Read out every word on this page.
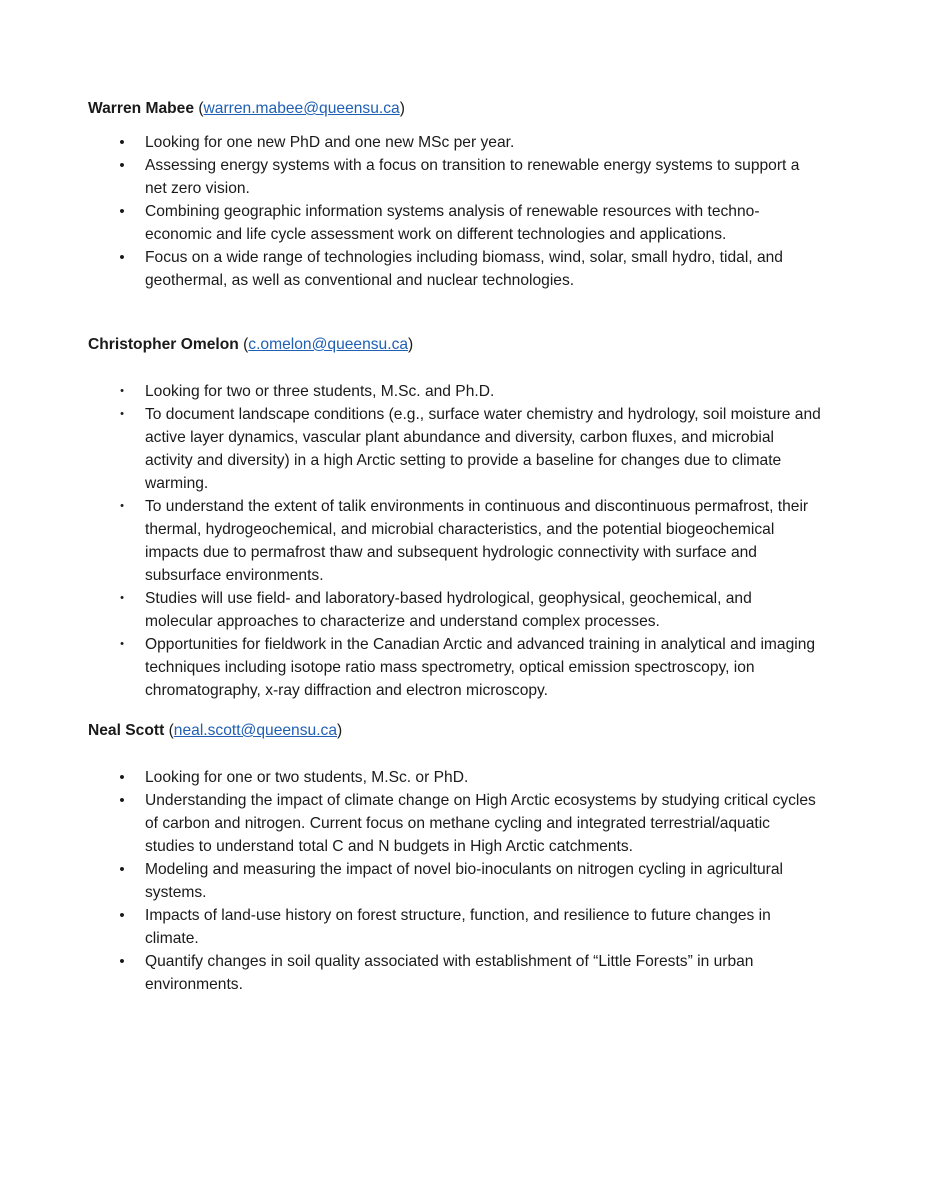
Warren Mabee (warren.mabee@queensu.ca)
• Looking for one new PhD and one new MSc per year.
• Assessing energy systems with a focus on transition to renewable energy systems to support a net zero vision.
• Combining geographic information systems analysis of renewable resources with techno-economic and life cycle assessment work on different technologies and applications.
• Focus on a wide range of technologies including biomass, wind, solar, small hydro, tidal, and geothermal, as well as conventional and nuclear technologies.
Christopher Omelon (c.omelon@queensu.ca)
• Looking for two or three students, M.Sc. and Ph.D.
• To document landscape conditions (e.g., surface water chemistry and hydrology, soil moisture and active layer dynamics, vascular plant abundance and diversity, carbon fluxes, and microbial activity and diversity) in a high Arctic setting to provide a baseline for changes due to climate warming.
• To understand the extent of talik environments in continuous and discontinuous permafrost, their thermal, hydrogeochemical, and microbial characteristics, and the potential biogeochemical impacts due to permafrost thaw and subsequent hydrologic connectivity with surface and subsurface environments.
• Studies will use field- and laboratory-based hydrological, geophysical, geochemical, and molecular approaches to characterize and understand complex processes.
• Opportunities for fieldwork in the Canadian Arctic and advanced training in analytical and imaging techniques including isotope ratio mass spectrometry, optical emission spectroscopy, ion chromatography, x-ray diffraction and electron microscopy.
Neal Scott (neal.scott@queensu.ca)
• Looking for one or two students, M.Sc. or PhD.
• Understanding the impact of climate change on High Arctic ecosystems by studying critical cycles of carbon and nitrogen. Current focus on methane cycling and integrated terrestrial/aquatic studies to understand total C and N budgets in High Arctic catchments.
• Modeling and measuring the impact of novel bio-inoculants on nitrogen cycling in agricultural systems.
• Impacts of land-use history on forest structure, function, and resilience to future changes in climate.
• Quantify changes in soil quality associated with establishment of “Little Forests” in urban environments.
